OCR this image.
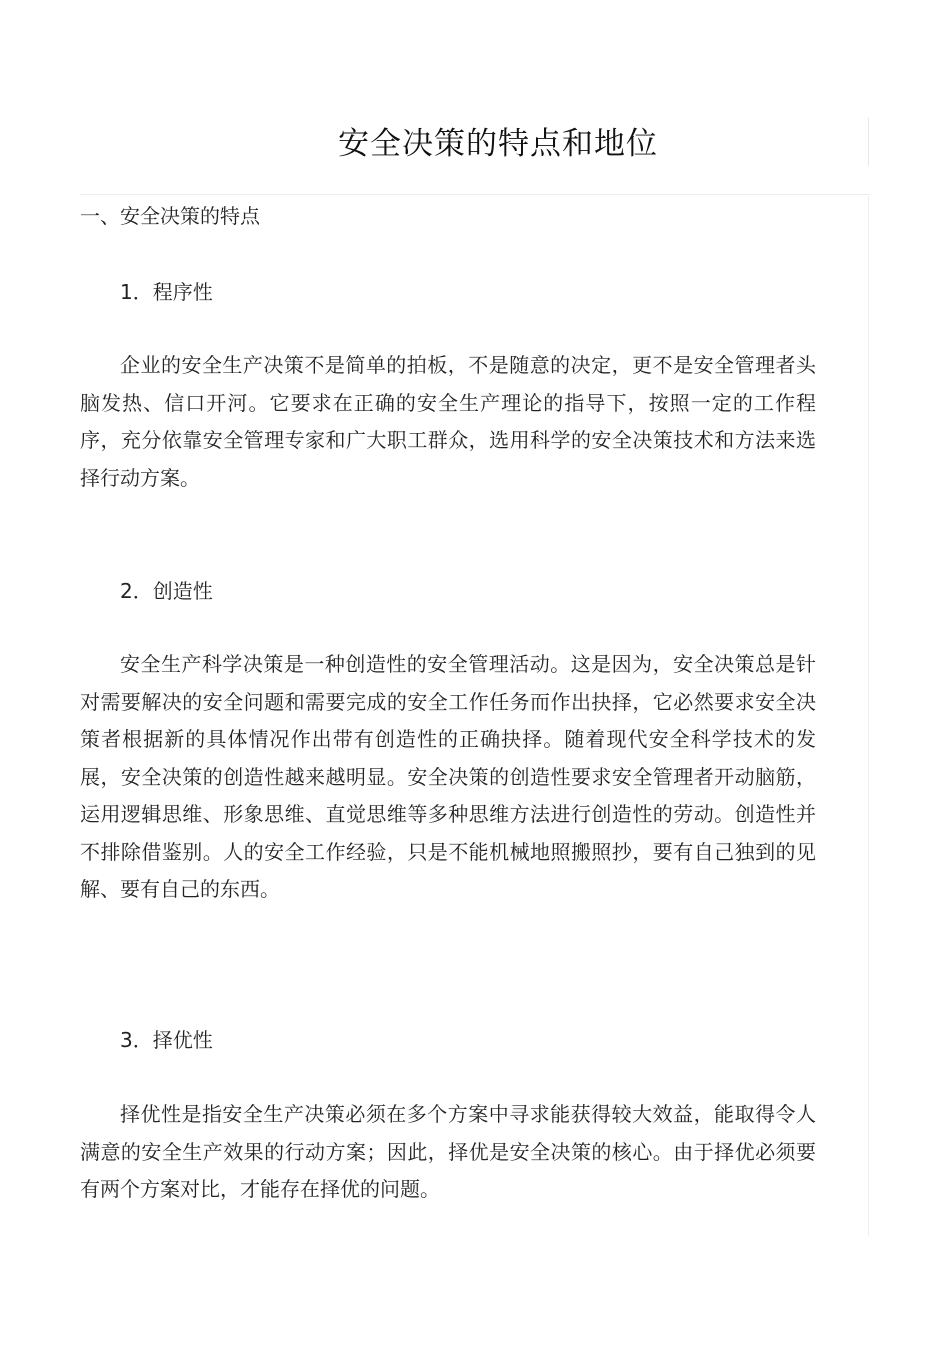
安全决策的特点和地位

一、安全决策的特点

1．程序性

企业的安全生产决策不是简单的拍板，不是随意的决定，更不是安全管理者头脑发热、信口开河。它要求在正确的安全生产理论的指导下，按照一定的工作程序，充分依靠安全管理专家和广大职工群众，选用科学的安全决策技术和方法来选择行动方案。

2．创造性

安全生产科学决策是一种创造性的安全管理活动。这是因为，安全决策总是针对需要解决的安全问题和需要完成的安全工作任务而作出抉择，它必然要求安全决策者根据新的具体情况作出带有创造性的正确抉择。随着现代安全科学技术的发展，安全决策的创造性越来越明显。安全决策的创造性要求安全管理者开动脑筋，运用逻辑思维、形象思维、直觉思维等多种思维方法进行创造性的劳动。创造性并不排除借鉴别。人的安全工作经验，只是不能机械地照搬照抄，要有自己独到的见解、要有自己的东西。

3．择优性

择优性是指安全生产决策必须在多个方案中寻求能获得较大效益，能取得令人满意的安全生产效果的行动方案；因此，择优是安全决策的核心。由于择优必须要有两个方案对比，才能存在择优的问题。
